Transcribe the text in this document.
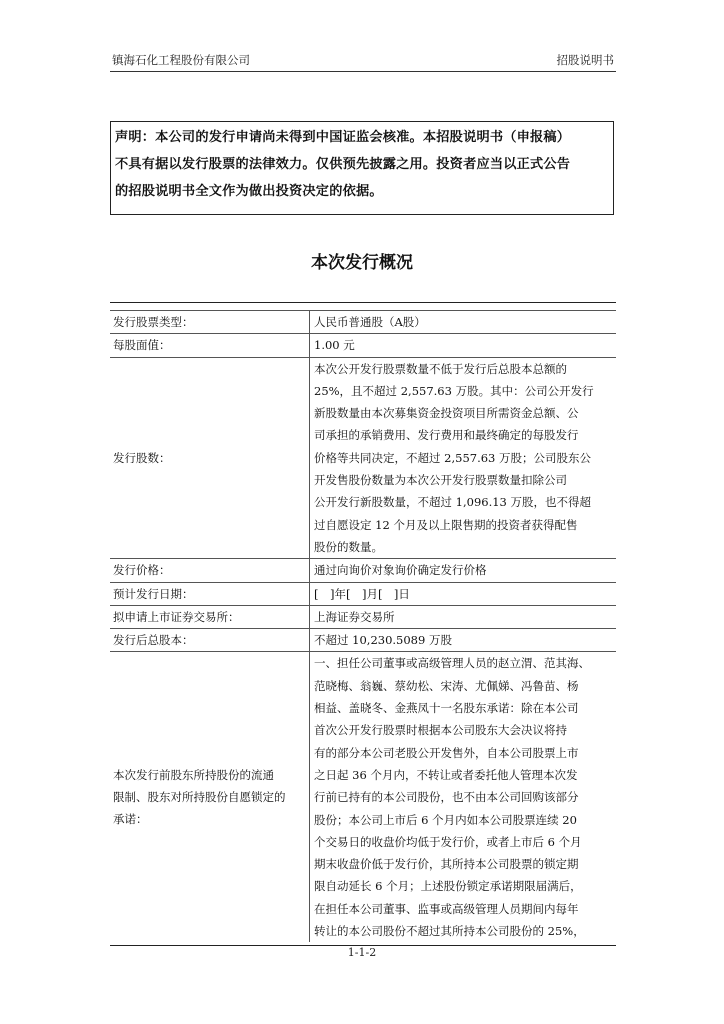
镇海石化工程股份有限公司	招股说明书

声明：本公司的发行申请尚未得到中国证监会核准。本招股说明书（申报稿）

不具有据以发行股票的法律效力。仅供预先披露之用。投资者应当以正式公告

的招股说明书全文作为做出投资决定的依据。

本次发行概况
发行股票类型：	人民币普通股（A股）
每股面值：	1.00 元
发行股数：
本次公开发行股票数量不低于发行后总股本总额的
25%，且不超过 2,557.63 万股。其中：公司公开发行
新股数量由本次募集资金投资项目所需资金总额、公
司承担的承销费用、发行费用和最终确定的每股发行
价格等共同决定，不超过 2,557.63 万股；公司股东公
开发售股份数量为本次公开发行股票数量扣除公司
公开发行新股数量，不超过 1,096.13 万股，也不得超
过自愿设定 12 个月及以上限售期的投资者获得配售
股份的数量。
发行价格：	通过向询价对象询价确定发行价格
预计发行日期：	[　]年[　]月[　]日
拟申请上市证券交易所：	上海证券交易所
发行后总股本：	不超过 10,230.5089 万股
本次发行前股东所持股份的流通
限制、股东对所持股份自愿锁定的
承诺：
一、担任公司董事或高级管理人员的赵立渭、范其海、
范晓梅、翁巍、蔡幼松、宋涛、尤佩娣、冯鲁苗、杨
相益、盖晓冬、金燕凤十一名股东承诺：除在本公司
首次公开发行股票时根据本公司股东大会决议将持
有的部分本公司老股公开发售外，自本公司股票上市
之日起 36 个月内，不转让或者委托他人管理本次发
行前已持有的本公司股份，也不由本公司回购该部分
股份；本公司上市后 6 个月内如本公司股票连续 20
个交易日的收盘价均低于发行价，或者上市后 6 个月
期末收盘价低于发行价，其所持本公司股票的锁定期
限自动延长 6 个月；上述股份锁定承诺期限届满后，
在担任本公司董事、监事或高级管理人员期间内每年
转让的本公司股份不超过其所持本公司股份的 25%，
1-1-2
